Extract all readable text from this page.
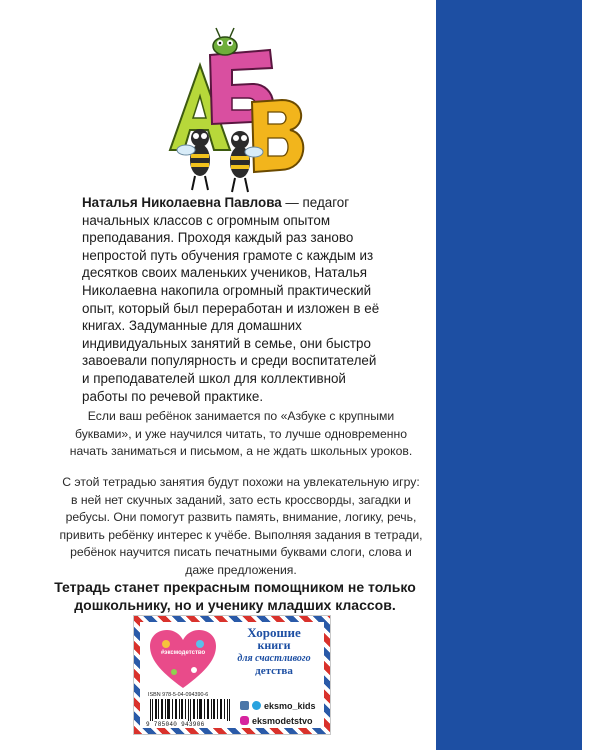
Наталья Николаевна Павлова — педагог начальных классов с огромным опытом преподавания. Проходя каждый раз заново непростой путь обучения грамоте с каждым из десятков своих маленьких учеников, Наталья Николаевна накопила огромный практический опыт, который был переработан и изложен в её книгах. Задуманные для домашних индивидуальных занятий в семье, они быстро завоевали популярность и среди воспитателей и преподавателей школ для коллективной работы по речевой практике.

Если ваш ребёнок занимается по «Азбуке с крупными буквами», и уже научился читать, то лучше одновременно начать заниматься и письмом, а не ждать школьных уроков.

С этой тетрадью занятия будут похожи на увлекательную игру: в ней нет скучных заданий, зато есть кроссворды, загадки и ребусы. Они помогут развить память, внимание, логику, речь, привить ребёнку интерес к учёбе. Выполняя задания в тетради, ребёнок научится писать печатными буквами слоги, слова и даже предложения.

Тетрадь станет прекрасным помощником не только дошкольнику, но и ученику младших классов.

#эксмодетство
Хорошие
книги
для счастливого
детства
ISBN 978-5-04-094390-6
9 785040 943906
eksmo_kids
eksmodetstvo
